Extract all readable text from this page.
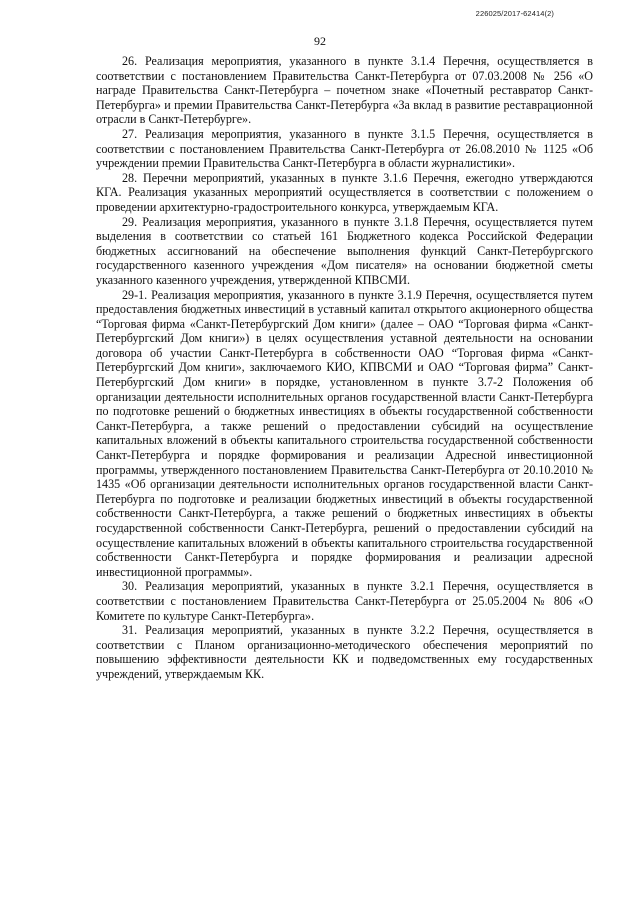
226025/2017-62414(2)
92

26. Реализация мероприятия, указанного в пункте 3.1.4 Перечня, осуществляется в соответствии с постановлением Правительства Санкт-Петербурга от 07.03.2008 № 256 «О награде Правительства Санкт-Петербурга – почетном знаке «Почетный реставратор Санкт-Петербурга» и премии Правительства Санкт-Петербурга «За вклад в развитие реставрационной отрасли в Санкт-Петербурге».

27. Реализация мероприятия, указанного в пункте 3.1.5 Перечня, осуществляется в соответствии с постановлением Правительства Санкт-Петербурга от 26.08.2010 № 1125 «Об учреждении премии Правительства Санкт-Петербурга в области журналистики».

28. Перечни мероприятий, указанных в пункте 3.1.6 Перечня, ежегодно утверждаются КГА. Реализация указанных мероприятий осуществляется в соответствии с положением о проведении архитектурно-градостроительного конкурса, утверждаемым КГА.

29. Реализация мероприятия, указанного в пункте 3.1.8 Перечня, осуществляется путем выделения в соответствии со статьей 161 Бюджетного кодекса Российской Федерации бюджетных ассигнований на обеспечение выполнения функций Санкт-Петербургского государственного казенного учреждения «Дом писателя» на основании бюджетной сметы указанного казенного учреждения, утвержденной КПВСМИ.

29-1. Реализация мероприятия, указанного в пункте 3.1.9 Перечня, осуществляется путем предоставления бюджетных инвестиций в уставный капитал открытого акционерного общества “Торговая фирма «Санкт-Петербургский Дом книги» (далее – ОАО “Торговая фирма «Санкт-Петербургский Дом книги») в целях осуществления уставной деятельности на основании договора об участии Санкт-Петербурга в собственности ОАО “Торговая фирма «Санкт-Петербургский Дом книги», заключаемого КИО, КПВСМИ и ОАО “Торговая фирма” Санкт-Петербургский Дом книги» в порядке, установленном в пункте 3.7-2 Положения об организации деятельности исполнительных органов государственной власти Санкт-Петербурга по подготовке решений о бюджетных инвестициях в объекты государственной собственности Санкт-Петербурга, а также решений о предоставлении субсидий на осуществление капитальных вложений в объекты капитального строительства государственной собственности Санкт-Петербурга и порядке формирования и реализации Адресной инвестиционной программы, утвержденного постановлением Правительства Санкт-Петербурга от 20.10.2010 № 1435 «Об организации деятельности исполнительных органов государственной власти Санкт-Петербурга по подготовке и реализации бюджетных инвестиций в объекты государственной собственности Санкт-Петербурга, а также решений о бюджетных инвестициях в объекты государственной собственности Санкт-Петербурга, решений о предоставлении субсидий на осуществление капитальных вложений в объекты капитального строительства государственной собственности Санкт-Петербурга и порядке формирования и реализации адресной инвестиционной программы».

30. Реализация мероприятий, указанных в пункте 3.2.1 Перечня, осуществляется в соответствии с постановлением Правительства Санкт-Петербурга от 25.05.2004 № 806 «О Комитете по культуре Санкт-Петербурга».

31. Реализация мероприятий, указанных в пункте 3.2.2 Перечня, осуществляется в соответствии с Планом организационно-методического обеспечения мероприятий по повышению эффективности деятельности КК и подведомственных ему государственных учреждений, утверждаемым КК.
